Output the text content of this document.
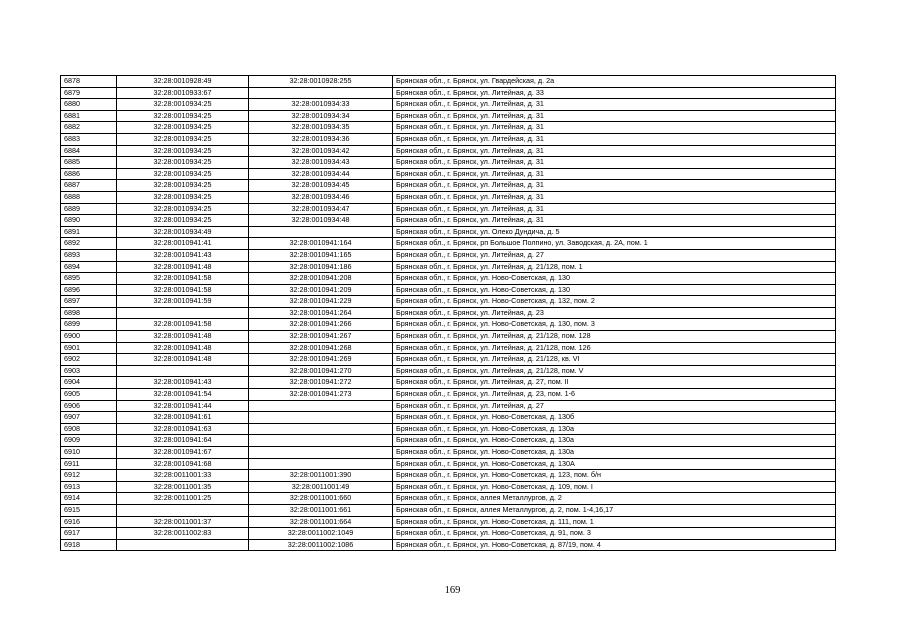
6878	32:28:0010928:49	32:28:0010928:255	Брянская обл., г. Брянск, ул. Гвардейская, д. 2а
6879	32:28:0010933:67		Брянская обл., г. Брянск, ул. Литейная, д. 33
6880	32:28:0010934:25	32:28:0010934:33	Брянская обл., г. Брянск, ул. Литейная, д. 31
6881	32:28:0010934:25	32:28:0010934:34	Брянская обл., г. Брянск, ул. Литейная, д. 31
6882	32:28:0010934:25	32:28:0010934:35	Брянская обл., г. Брянск, ул. Литейная, д. 31
6883	32:28:0010934:25	32:28:0010934:36	Брянская обл., г. Брянск, ул. Литейная, д. 31
6884	32:28:0010934:25	32:28:0010934:42	Брянская обл., г. Брянск, ул. Литейная, д. 31
6885	32:28:0010934:25	32:28:0010934:43	Брянская обл., г. Брянск, ул. Литейная, д. 31
6886	32:28:0010934:25	32:28:0010934:44	Брянская обл., г. Брянск, ул. Литейная, д. 31
6887	32:28:0010934:25	32:28:0010934:45	Брянская обл., г. Брянск, ул. Литейная, д. 31
6888	32:28:0010934:25	32:28:0010934:46	Брянская обл., г. Брянск, ул. Литейная, д. 31
6889	32:28:0010934:25	32:28:0010934:47	Брянская обл., г. Брянск, ул. Литейная, д. 31
6890	32:28:0010934:25	32:28:0010934:48	Брянская обл., г. Брянск, ул. Литейная, д. 31
6891	32:28:0010934:49		Брянская обл., г. Брянск, ул. Олеко Дундича, д. 5
6892	32:28:0010941:41	32:28:0010941:164	Брянская обл., г. Брянск, рп Большое Полпино, ул. Заводская, д. 2А, пом. 1
6893	32:28:0010941:43	32:28:0010941:165	Брянская обл., г. Брянск, ул. Литейная, д. 27
6894	32:28:0010941:48	32:28:0010941:186	Брянская обл., г. Брянск, ул. Литейная, д. 21/128, пом. 1
6895	32:28:0010941:58	32:28:0010941:208	Брянская обл., г. Брянск, ул. Ново-Советская, д. 130
6896	32:28:0010941:58	32:28:0010941:209	Брянская обл., г. Брянск, ул. Ново-Советская, д. 130
6897	32:28:0010941:59	32:28:0010941:229	Брянская обл., г. Брянск, ул. Ново-Советская, д. 132, пом. 2
6898		32:28:0010941:264	Брянская обл., г. Брянск, ул. Литейная, д. 23
6899	32:28:0010941:58	32:28:0010941:266	Брянская обл., г. Брянск, ул. Ново-Советская, д. 130, пом. 3
6900	32:28:0010941:48	32:28:0010941:267	Брянская обл., г. Брянск, ул. Литейная, д. 21/128, пом. 128
6901	32:28:0010941:48	32:28:0010941:268	Брянская обл., г. Брянск, ул. Литейная, д. 21/128, пом. 126
6902	32:28:0010941:48	32:28:0010941:269	Брянская обл., г. Брянск, ул. Литейная, д. 21/128, кв. VI
6903		32:28:0010941:270	Брянская обл., г. Брянск, ул. Литейная, д. 21/128, пом. V
6904	32:28:0010941:43	32:28:0010941:272	Брянская обл., г. Брянск, ул. Литейная, д. 27, пом. II
6905	32:28:0010941:54	32:28:0010941:273	Брянская обл., г. Брянск, ул. Литейная, д. 23, пом. 1-6
6906	32:28:0010941:44		Брянская обл., г. Брянск, ул. Литейная, д. 27
6907	32:28:0010941:61		Брянская обл., г. Брянск, ул. Ново-Советская, д. 130б
6908	32:28:0010941:63		Брянская обл., г. Брянск, ул. Ново-Советская, д. 130а
6909	32:28:0010941:64		Брянская обл., г. Брянск, ул. Ново-Советская, д. 130а
6910	32:28:0010941:67		Брянская обл., г. Брянск, ул. Ново-Советская, д. 130а
6911	32:28:0010941:68		Брянская обл., г. Брянск, ул. Ново-Советская, д. 130А
6912	32:28:0011001:33	32:28:0011001:390	Брянская обл., г. Брянск, ул. Ново-Советская, д. 123, пом. б/н
6913	32:28:0011001:35	32:28:0011001:49	Брянская обл., г. Брянск, ул. Ново-Советская, д. 109, пом. I
6914	32:28:0011001:25	32:28:0011001:660	Брянская обл., г. Брянск, аллея Металлургов, д. 2
6915		32:28:0011001:661	Брянская обл., г. Брянск, аллея Металлургов, д. 2, пом. 1-4,16,17
6916	32:28:0011001:37	32:28:0011001:664	Брянская обл., г. Брянск, ул. Ново-Советская, д. 111, пом. 1
6917	32:28:0011002:83	32:28:0011002:1049	Брянская обл., г. Брянск, ул. Ново-Советская, д. 91, пом. 3
6918		32:28:0011002:1086	Брянская обл., г. Брянск, ул. Ново-Советская, д. 87/19, пом. 4
169
